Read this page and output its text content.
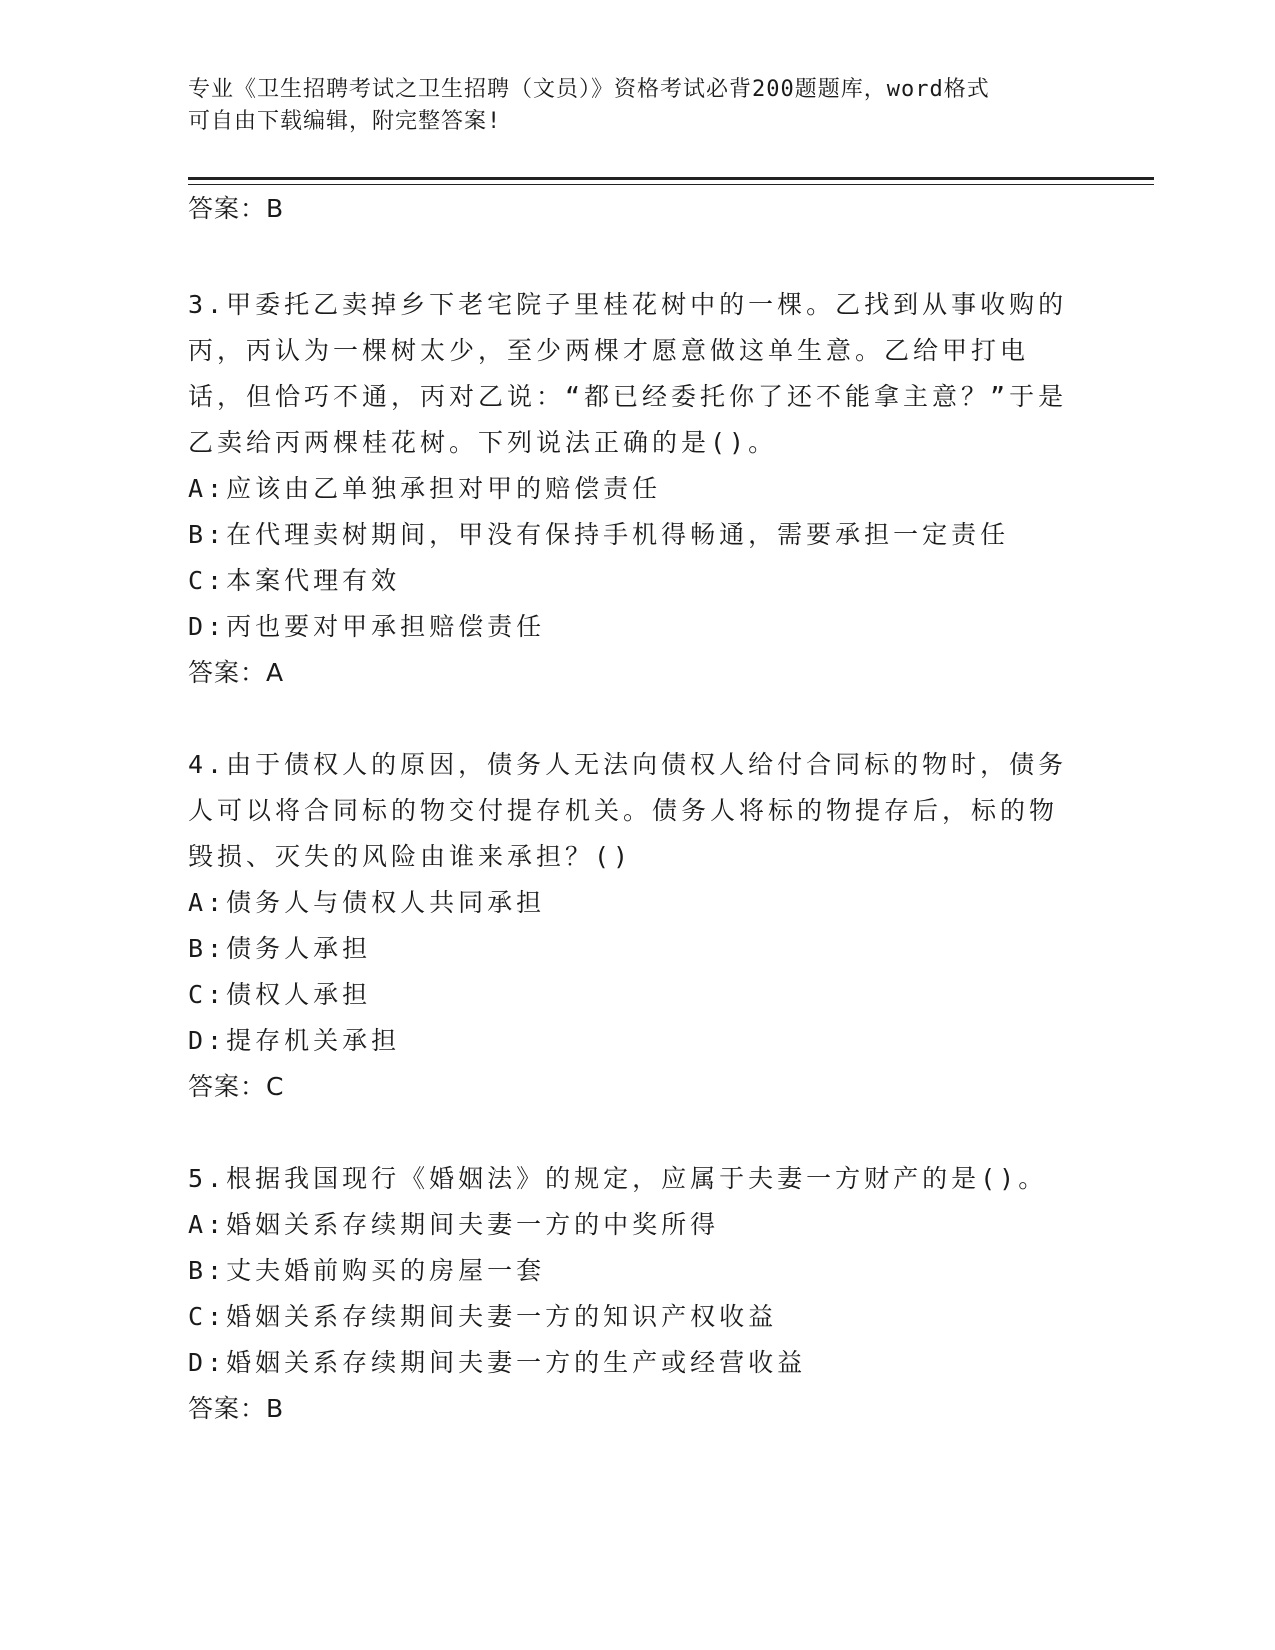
专业《卫生招聘考试之卫生招聘（文员）》资格考试必背200题题库，word格式
可自由下载编辑，附完整答案!

答案：B

3.甲委托乙卖掉乡下老宅院子里桂花树中的一棵。乙找到从事收购的丙，丙认为一棵树太少，至少两棵才愿意做这单生意。乙给甲打电话，但恰巧不通，丙对乙说：“都已经委托你了还不能拿主意？”于是乙卖给丙两棵桂花树。下列说法正确的是()。

A:应该由乙单独承担对甲的赔偿责任

B:在代理卖树期间，甲没有保持手机得畅通，需要承担一定责任

C:本案代理有效

D:丙也要对甲承担赔偿责任

答案：A

4.由于债权人的原因，债务人无法向债权人给付合同标的物时，债务人可以将合同标的物交付提存机关。债务人将标的物提存后，标的物毁损、灭失的风险由谁来承担？()

A:债务人与债权人共同承担

B:债务人承担

C:债权人承担

D:提存机关承担

答案：C

5.根据我国现行《婚姻法》的规定，应属于夫妻一方财产的是()。

A:婚姻关系存续期间夫妻一方的中奖所得

B:丈夫婚前购买的房屋一套

C:婚姻关系存续期间夫妻一方的知识产权收益

D:婚姻关系存续期间夫妻一方的生产或经营收益

答案：B
